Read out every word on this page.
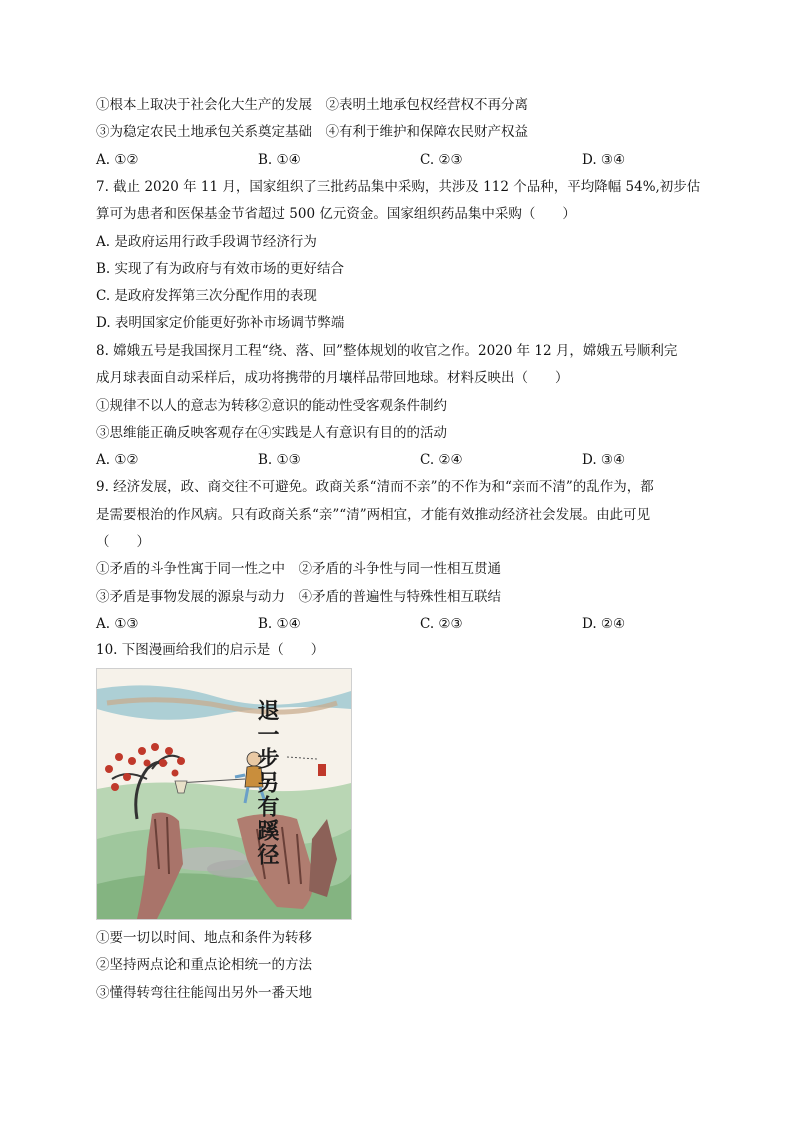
①根本上取决于社会化大生产的发展　②表明土地承包权经营权不再分离
③为稳定农民土地承包关系奠定基础　④有利于维护和保障农民财产权益
A. ①②	B. ①④	C. ②③	D. ③④
7. 截止 2020 年 11 月，国家组织了三批药品集中采购，共涉及 112 个品种，平均降幅 54%,初步估
算可为患者和医保基金节省超过 500 亿元资金。国家组织药品集中采购（　　）
A. 是政府运用行政手段调节经济行为
B. 实现了有为政府与有效市场的更好结合
C. 是政府发挥第三次分配作用的表现
D. 表明国家定价能更好弥补市场调节弊端
8. 嫦娥五号是我国探月工程“绕、落、回”整体规划的收官之作。2020 年 12 月，嫦娥五号顺利完
成月球表面自动采样后，成功将携带的月壤样品带回地球。材料反映出（　　）
①规律不以人的意志为转移②意识的能动性受客观条件制约
③思维能正确反映客观存在④实践是人有意识有目的的活动
A. ①②	B. ①③	C. ②④	D. ③④
9. 经济发展，政、商交往不可避免。政商关系“清而不亲”的不作为和“亲而不清”的乱作为，都
是需要根治的作风病。只有政商关系“亲”“清”两相宜，才能有效推动经济社会发展。由此可见
（　　）
①矛盾的斗争性寓于同一性之中　②矛盾的斗争性与同一性相互贯通
③矛盾是事物发展的源泉与动力　④矛盾的普遍性与特殊性相互联结
A. ①③	B. ①④	C. ②③	D. ②④
10. 下图漫画给我们的启示是（　　）
退一步另有蹊径
①要一切以时间、地点和条件为转移
②坚持两点论和重点论相统一的方法
③懂得转弯往往能闯出另外一番天地
